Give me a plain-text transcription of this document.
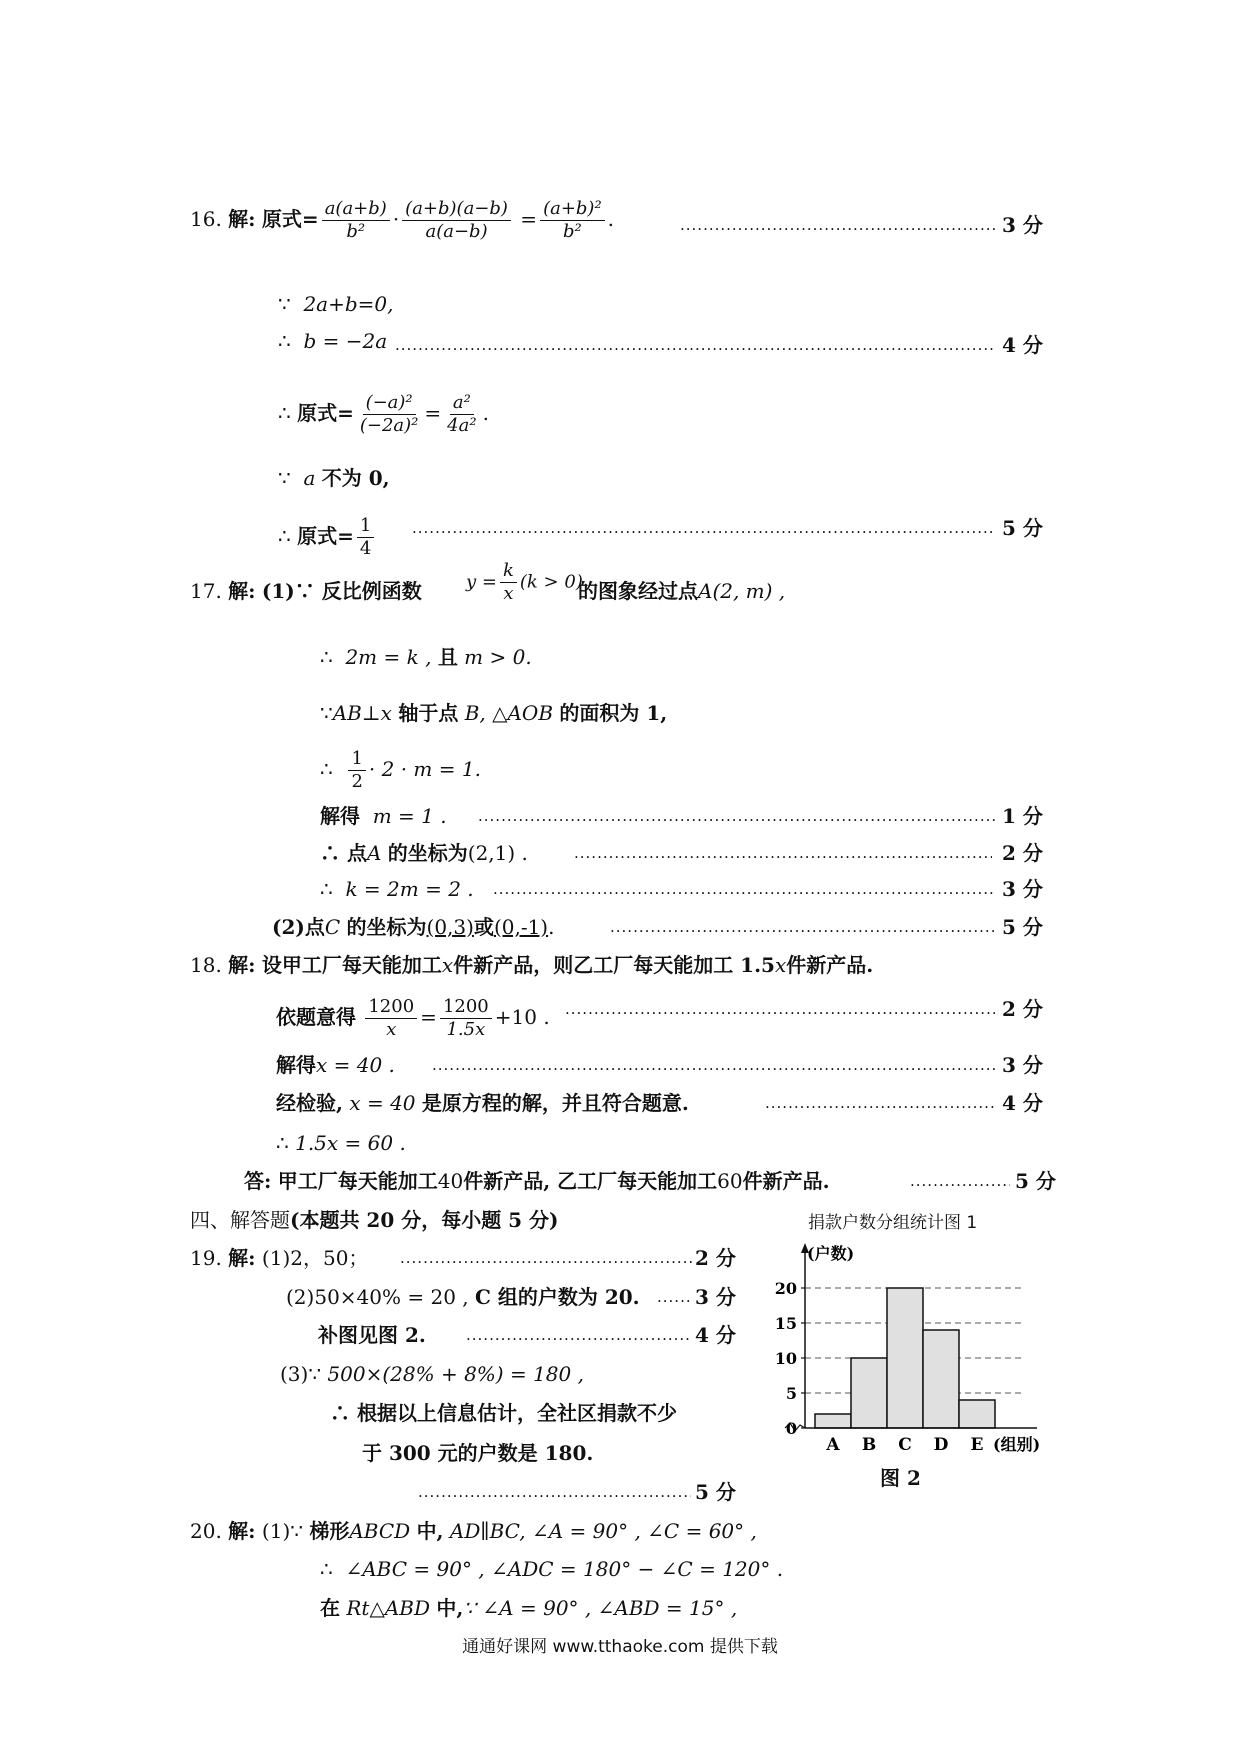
16. 解: 原式= $\frac{a(a+b)}{\text{b²}} \cdot \frac{(a+b)(a-b)}{a(a-b)} = \frac{\text{(a+b)²}}{\text{b²}}$ . .....	3 分
∵ 2a+b=0,
∴ b = −2a .....	4 分
∴ 原式= $\frac{\text{(−a)²}}{\text{(−2a)²}} = \frac{\text{a²}}{\text{4a²}}$ .
∵ a 不为 0,
∴ 原式= $\frac{1}{4}$ .....	5 分
17. 解: (1)∵ 反比例函数 $y = \frac{k}{x} (k > 0)$
的图象经过点A(2, m) ,
∴ 2m = k , 且 m > 0.
∵AB⊥x 轴于点 B, △AOB 的面积为 1,
∴ $\frac{1}{2} \cdot 2 \cdot m = 1$.
解得 m = 1 . .....	1 分
∴ 点A 的坐标为(2,1) . .....	2 分
∴ k = 2m = 2 . .....	3 分
(2)点C 的坐标为(0,3)或(0,-1). .....	5 分
18. 解: 设甲工厂每天能加工x件新产品，则乙工厂每天能加工 1.5x件新产品.
依题意得 $\frac{1200}{x} = \frac{1200}{1.5x} +10$ . .....	2 分
解得x = 40 . .....	3 分
经检验, x = 40 是原方程的解，并且符合题意. .....	4 分
∴ 1.5x = 60 .
答: 甲工厂每天能加工40件新产品, 乙工厂每天能加工60件新产品. .....	5 分
四、解答题(本题共 20 分，每小题 5 分)
19. 解: (1)2，50； .....	2 分
(2)50×40% = 20 , C 组的户数为 20. .....	3 分
补图见图 2. .....	4 分
(3)∵ 500×(28% + 8%) = 180 ,
∴ 根据以上信息估计，全社区捐款不少
于 300 元的户数是 180.
.....
5 分
捐款户数分组统计图 1
A B C D E
0
5
10
15
20
(户数)
(组别)
图 2
20. 解: (1)∵ 梯形ABCD 中, AD∥BC, ∠A = 90° , ∠C = 60° ,
∴ ∠ABC = 90° , ∠ADC = 180° − ∠C = 120° .
在 Rt△ABD 中,∵ ∠A = 90° , ∠ABD = 15° ,
通通好课网 www.tthaoke.com 提供下载
